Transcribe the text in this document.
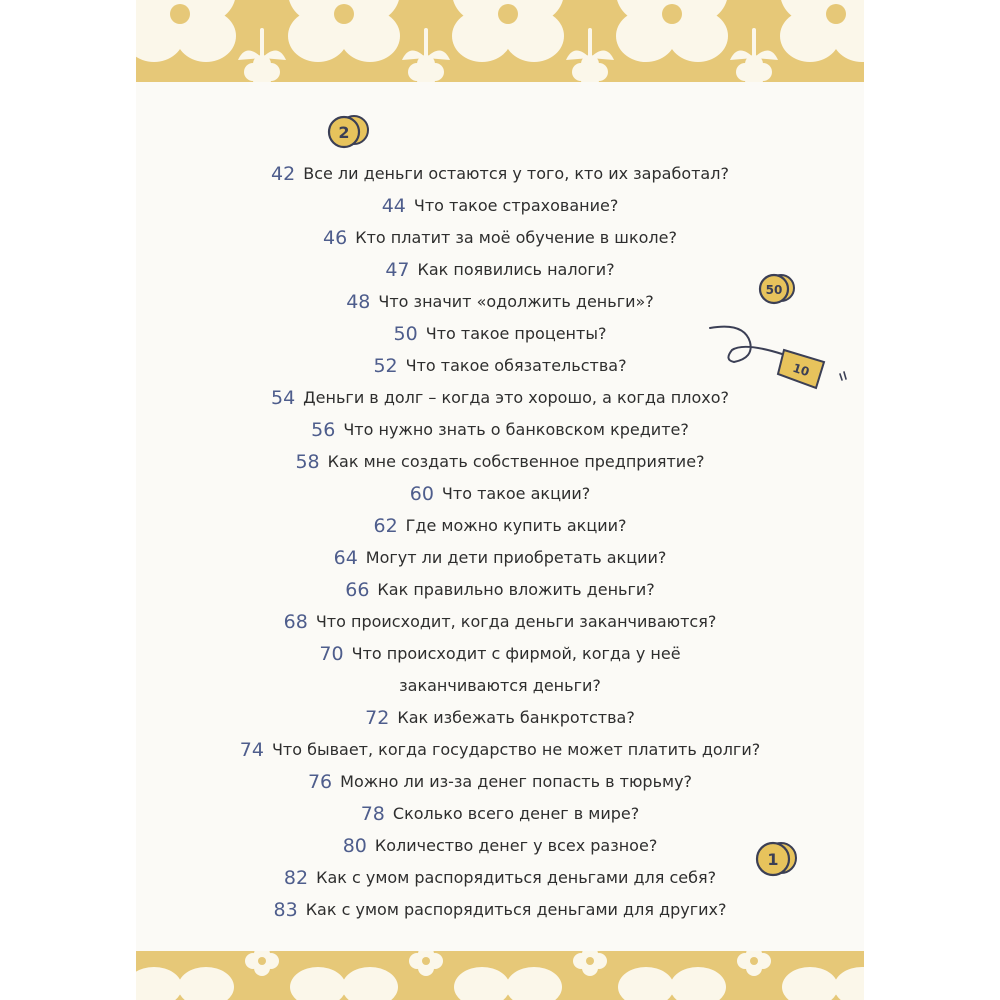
42 Все ли деньги остаются у того, кто их заработал?
44 Что такое страхование?
46 Кто платит за моё обучение в школе?
47 Как появились налоги?
48 Что значит «одолжить деньги»?
50 Что такое проценты?
52 Что такое обязательства?
54 Деньги в долг – когда это хорошо, а когда плохо?
56 Что нужно знать о банковском кредите?
58 Как мне создать собственное предприятие?
60 Что такое акции?
62 Где можно купить акции?
64 Могут ли дети приобретать акции?
66 Как правильно вложить деньги?
68 Что происходит, когда деньги заканчиваются?
70 Что происходит с фирмой, когда у неё
заканчиваются деньги?
72 Как избежать банкротства?
74 Что бывает, когда государство не может платить долги?
76 Можно ли из-за денег попасть в тюрьму?
78 Сколько всего денег в мире?
80 Количество денег у всех разное?
82 Как с умом распорядиться деньгами для себя?
83 Как с умом распорядиться деньгами для других?
2
50
10
1
